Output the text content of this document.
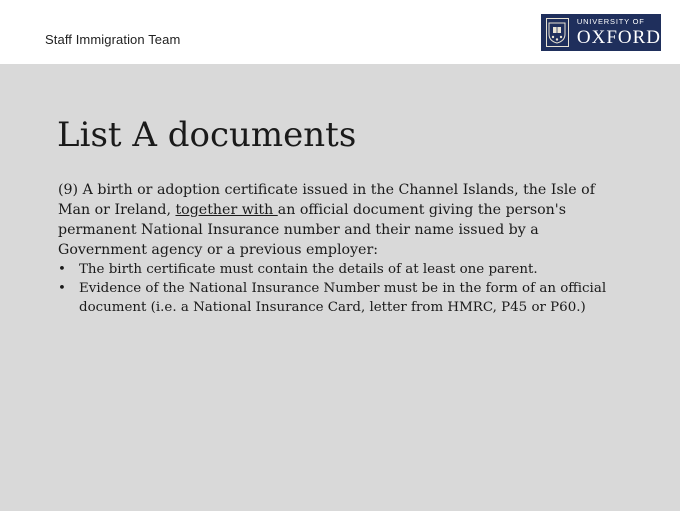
Staff Immigration Team
UNIVERSITY OF
OXFORD
List A documents

(9) A birth or adoption certificate issued in the Channel Islands, the Isle of Man or Ireland, together with an official document giving the person's permanent National Insurance number and their name issued by a Government agency or a previous employer:

• The birth certificate must contain the details of at least one parent.
• Evidence of the National Insurance Number must be in the form of an official document (i.e. a National Insurance Card, letter from HMRC, P45 or P60.)
